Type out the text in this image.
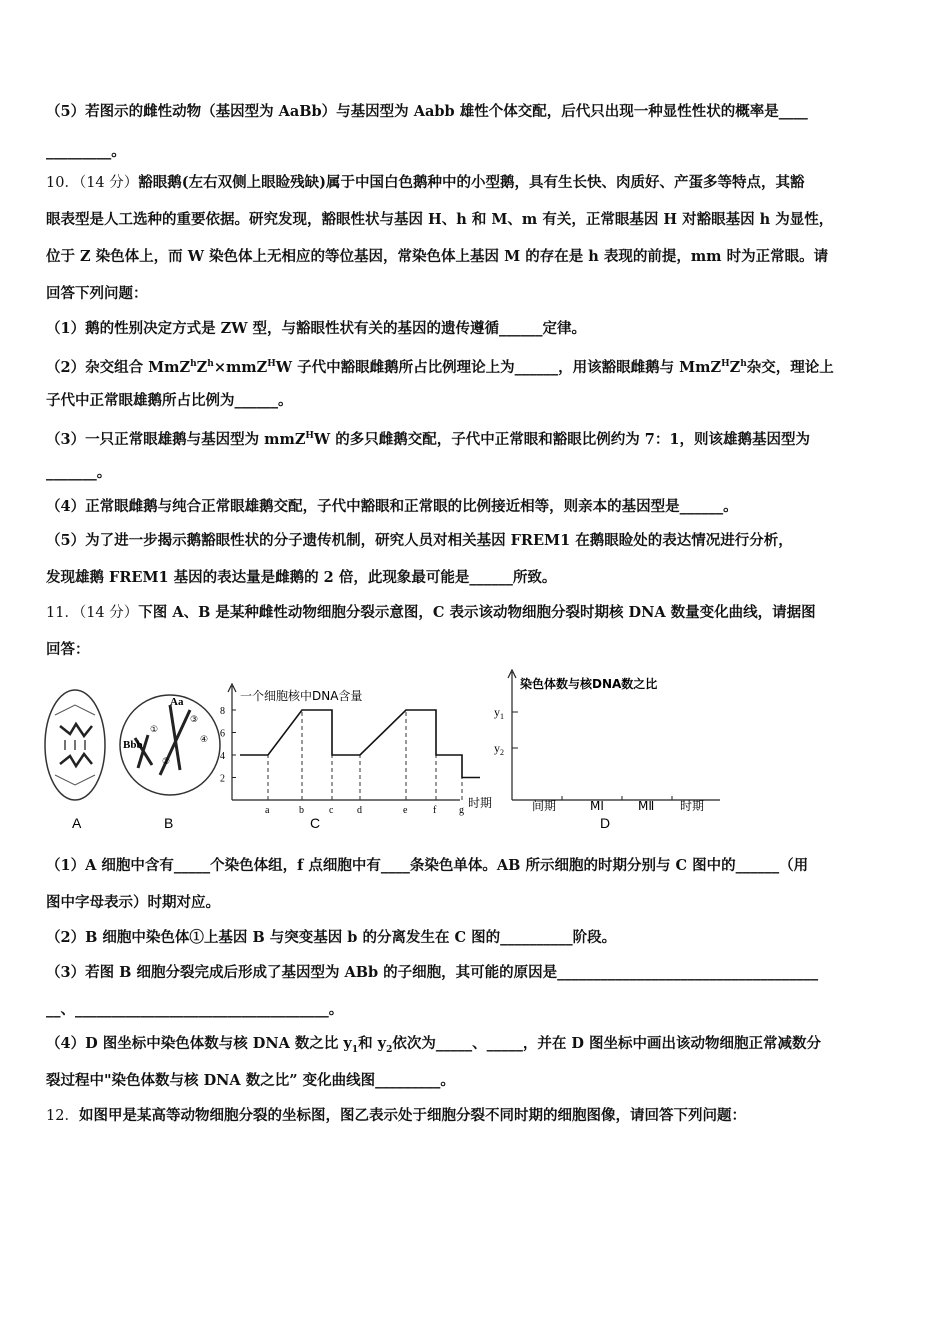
（5）若图示的雌性动物（基因型为 AaBb）与基因型为 Aabb 雄性个体交配，后代只出现一种显性性状的概率是____
_________。
10．（14 分）豁眼鹅(左右双侧上眼睑残缺)属于中国白色鹅种中的小型鹅，具有生长快、肉质好、产蛋多等特点，其豁
眼表型是人工选种的重要依据。研究发现，豁眼性状与基因 H、h 和 M、m 有关，正常眼基因 H 对豁眼基因 h 为显性，
位于 Z 染色体上，而 W 染色体上无相应的等位基因，常染色体上基因 M 的存在是 h 表现的前提，mm 时为正常眼。请
回答下列问题：
（1）鹅的性别决定方式是 ZW 型，与豁眼性状有关的基因的遗传遵循______定律。
（2）杂交组合 $MmZ^hZ^h\times mmZ^HW$ 子代中豁眼雌鹅所占比例理论上为______，用该豁眼雌鹅与 $MmZ^HZ^h$杂交，理论上
子代中正常眼雄鹅所占比例为______。
（3）一只正常眼雄鹅与基因型为 mmZ$^H$W 的多只雌鹅交配，子代中正常眼和豁眼比例约为 7：1，则该雄鹅基因型为
_______。
（4）正常眼雌鹅与纯合正常眼雄鹅交配，子代中豁眼和正常眼的比例接近相等，则亲本的基因型是______。
（5）为了进一步揭示鹅豁眼性状的分子遗传机制，研究人员对相关基因 FREM1 在鹅眼睑处的表达情况进行分析，
发现雄鹅 FREM1 基因的表达量是雌鹅的 2 倍，此现象最可能是______所致。
11．（14 分）下图 A、B 是某种雌性动物细胞分裂示意图，C 表示该动物细胞分裂时期核 DNA 数量变化曲线，请据图
回答：
Bbb
Aa
①
②
③
④
一个细胞核中DNA含量
8
6
4
2
a	b	c d	e	f g
时期
染色体数与核DNA数之比
$y_1$
$y_2$
间期	MⅠ	MⅡ 时期
A	B	C	D
（1）A 细胞中含有_____个染色体组，f 点细胞中有____条染色单体。AB 所示细胞的时期分别与 C 图中的______（用
图中字母表示）时期对应。
（2）B 细胞中染色体①上基因 B 与突变基因 b 的分离发生在 C 图的__________阶段。
（3）若图 B 细胞分裂完成后形成了基因型为 ABb 的子细胞，其可能的原因是____________________________________
__、___________________________________。
（4）D 图坐标中染色体数与核 DNA 数之比 $y_1$和 $y_2$依次为_____、_____，并在 D 图坐标中画出该动物细胞正常减数分
裂过程中"染色体数与核 DNA 数之比” 变化曲线图_________。
12．如图甲是某高等动物细胞分裂的坐标图，图乙表示处于细胞分裂不同时期的细胞图像，请回答下列问题：
